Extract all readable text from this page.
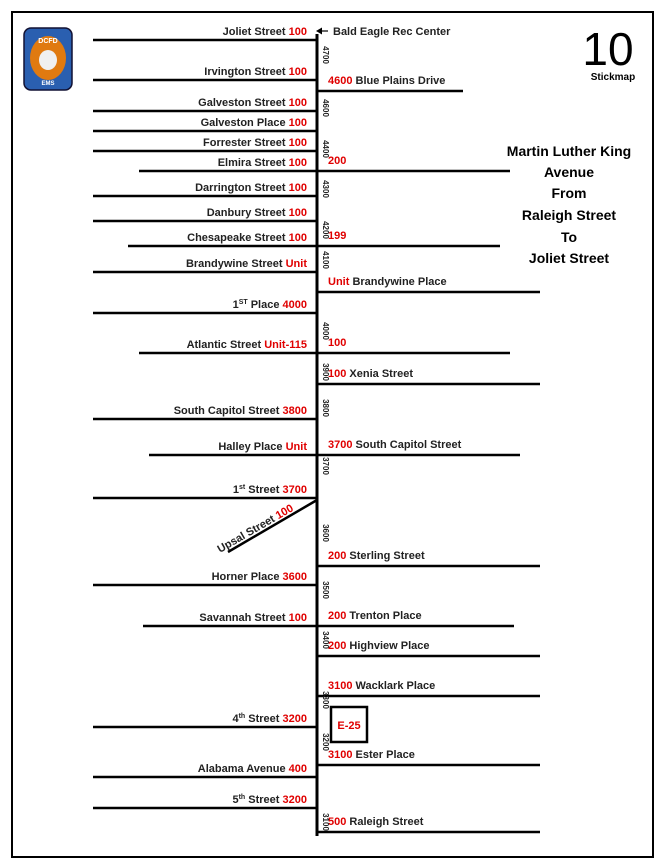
DCFD
EMS
10
Stickmap
Martin Luther King
Avenue
From
Raleigh Street
To
Joliet Street
Bald Eagle Rec Center
E-25
Upsal Street 100
Joliet Street 100
Irvington Street 100
Galveston Street 100
Galveston Place 100
Forrester Street 100
Elmira Street 100
Darrington Street 100
Danbury Street 100
Chesapeake Street 100
Brandywine Street Unit
1ST Place 4000
Atlantic Street Unit-115
South Capitol Street 3800
Halley Place Unit
1st Street 3700
Horner Place 3600
Savannah Street 100
4th Street 3200
Alabama Avenue 400
5th Street 3200
4600 Blue Plains Drive
200
199
Unit Brandywine Place
100
100 Xenia Street
3700 South Capitol Street
200 Sterling Street
200 Trenton Place
200 Highview Place
3100 Wacklark Place
3100 Ester Place
500 Raleigh Street
4700
4600
4400
4300
4200
4100
4000
3900
3800
3700
3600
3500
3400
3300
3200
3100
